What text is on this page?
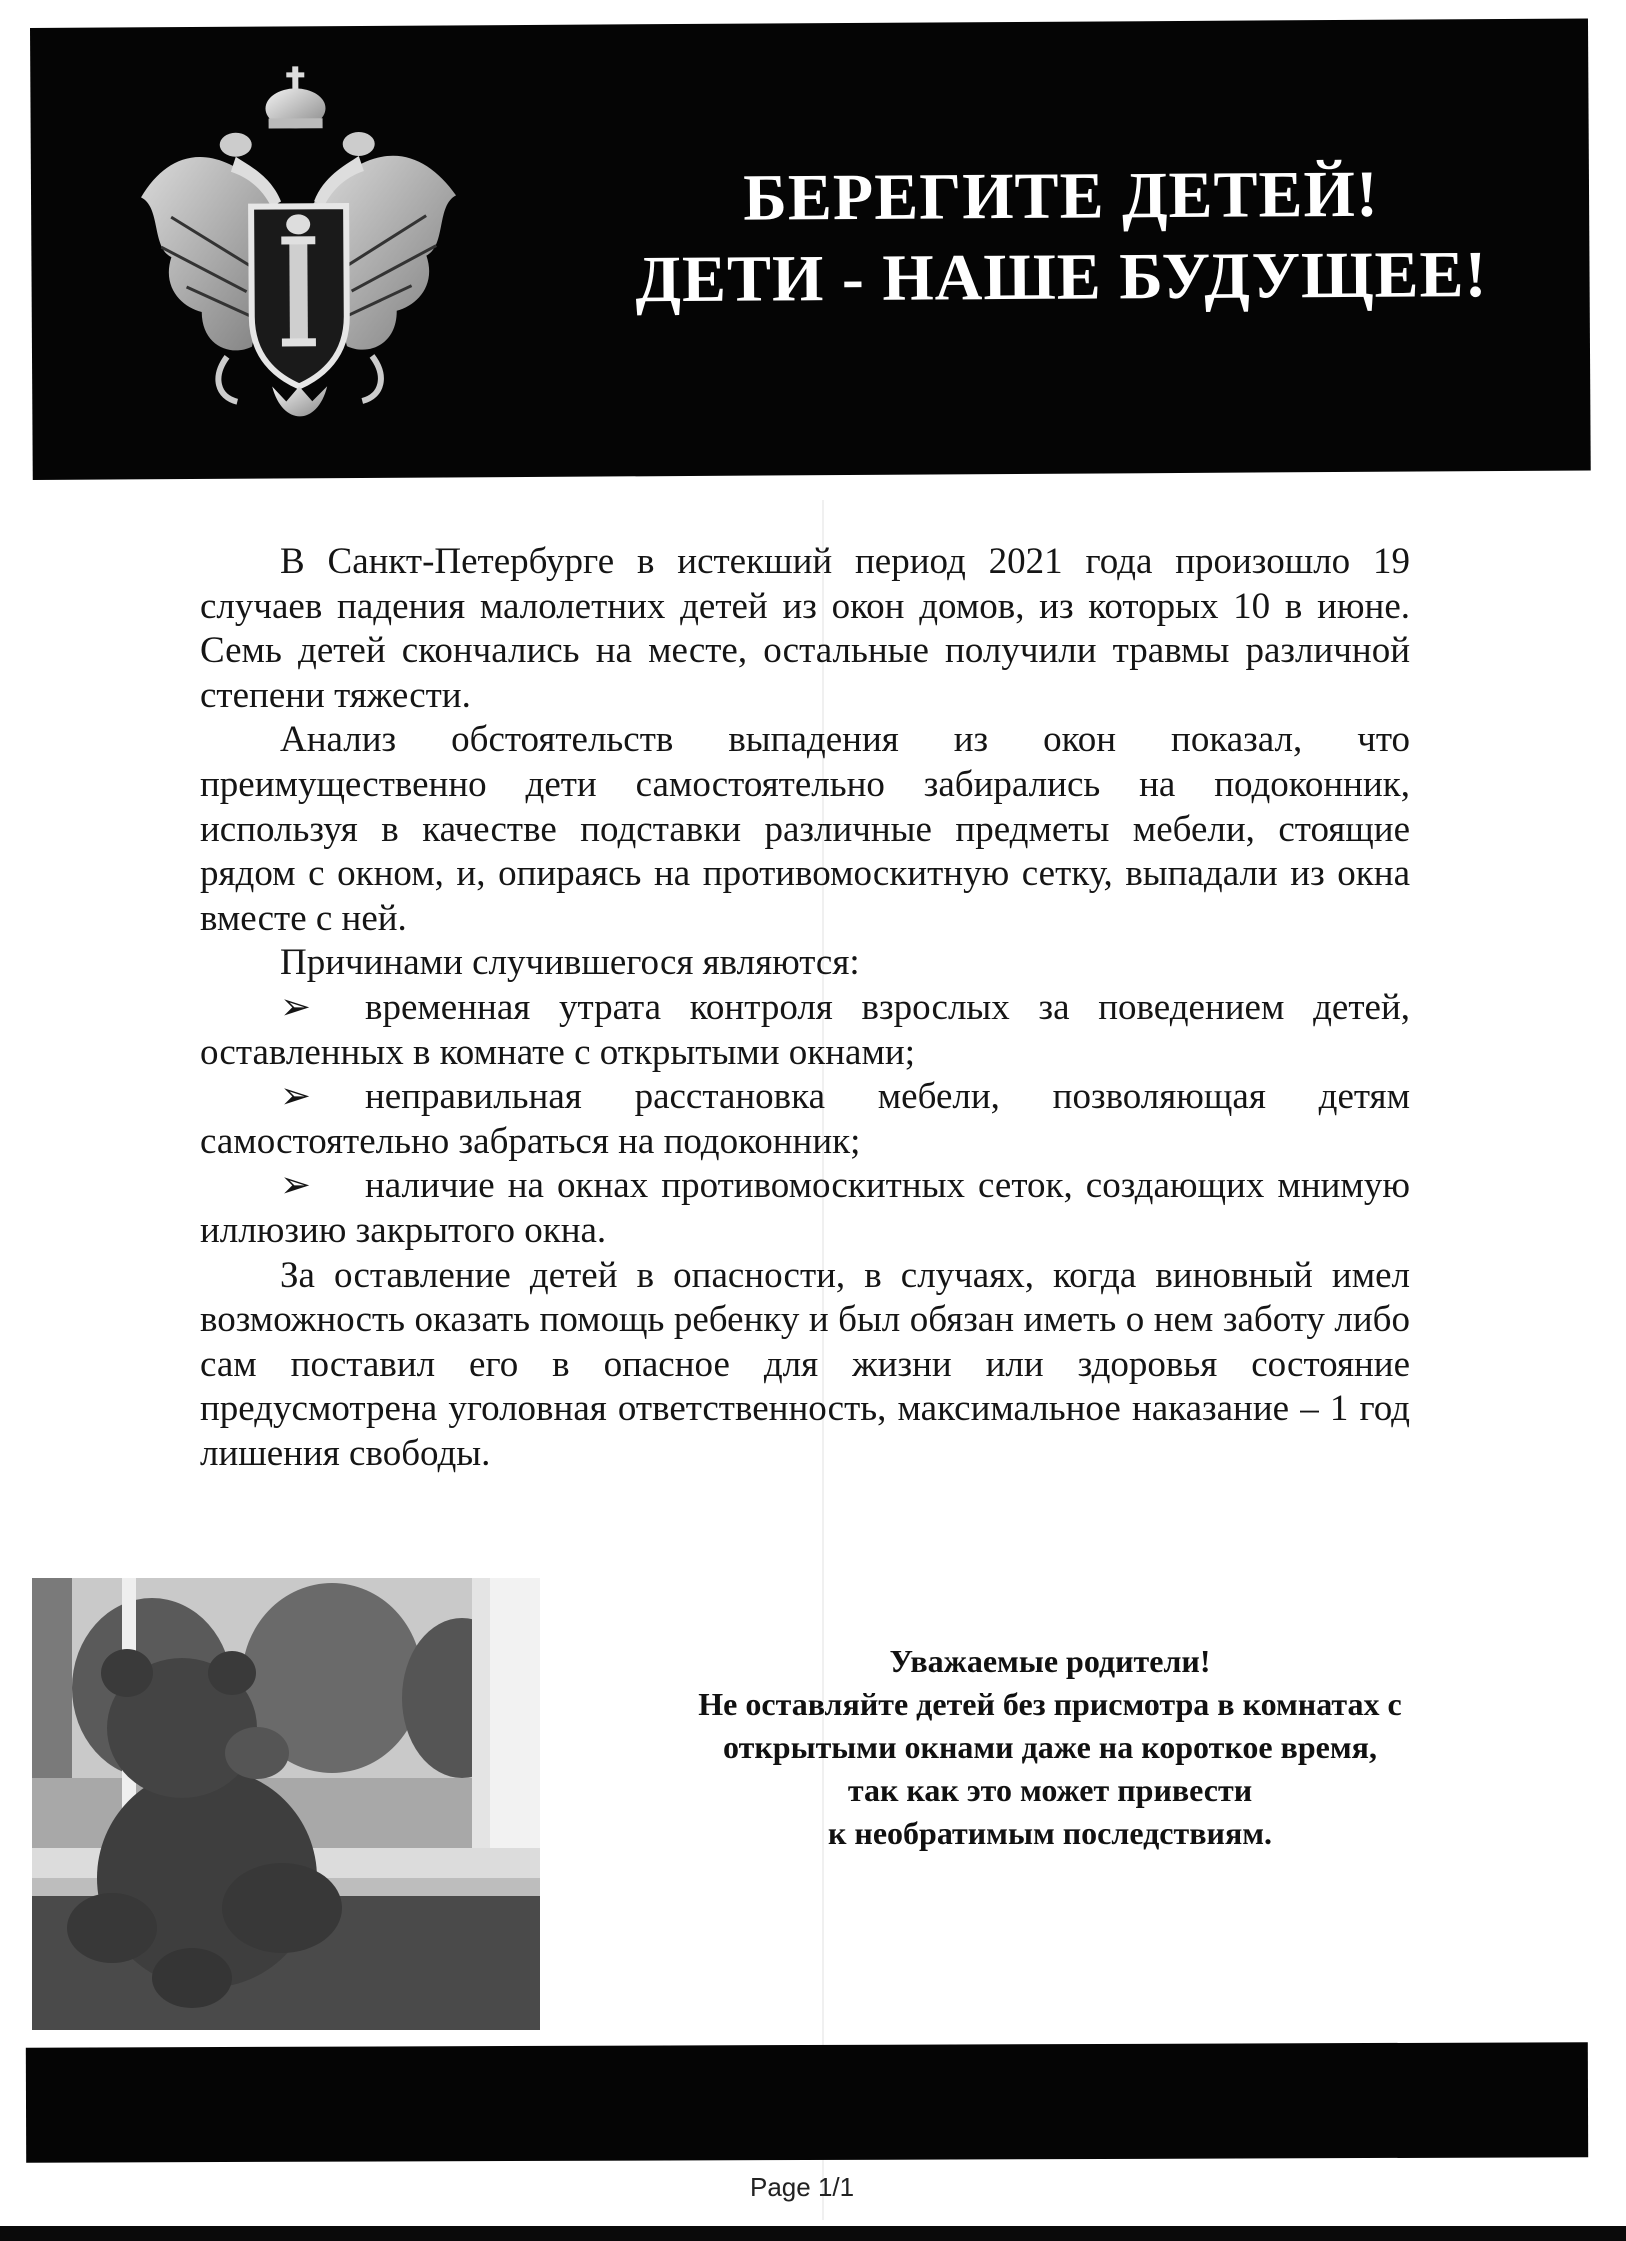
БЕРЕГИТЕ ДЕТЕЙ!
ДЕТИ - НАШЕ БУДУЩЕЕ!

В Санкт-Петербурге в истекший период 2021 года произошло 19 случаев падения малолетних детей из окон домов, из которых 10 в июне. Семь детей скончались на месте, остальные получили травмы различной степени тяжести.

Анализ обстоятельств выпадения из окон показал, что преимущественно дети самостоятельно забирались на подоконник, используя в качестве подставки различные предметы мебели, стоящие рядом с окном, и, опираясь на противомоскитную сетку, выпадали из окна вместе с ней.

Причинами случившегося являются:

➢ временная утрата контроля взрослых за поведением детей, оставленных в комнате с открытыми окнами;

➢ неправильная расстановка мебели, позволяющая детям самостоятельно забраться на подоконник;

➢ наличие на окнах противомоскитных сеток, создающих мнимую иллюзию закрытого окна.

За оставление детей в опасности, в случаях, когда виновный имел возможность оказать помощь ребенку и был обязан иметь о нем заботу либо сам поставил его в опасное для жизни или здоровья состояние предусмотрена уголовная ответственность, максимальное наказание – 1 год лишения свободы.

Уважаемые родители!
Не оставляйте детей без присмотра в комнатах с
открытыми окнами даже на короткое время,
так как это может привести
к необратимым последствиям.
Page 1/1
